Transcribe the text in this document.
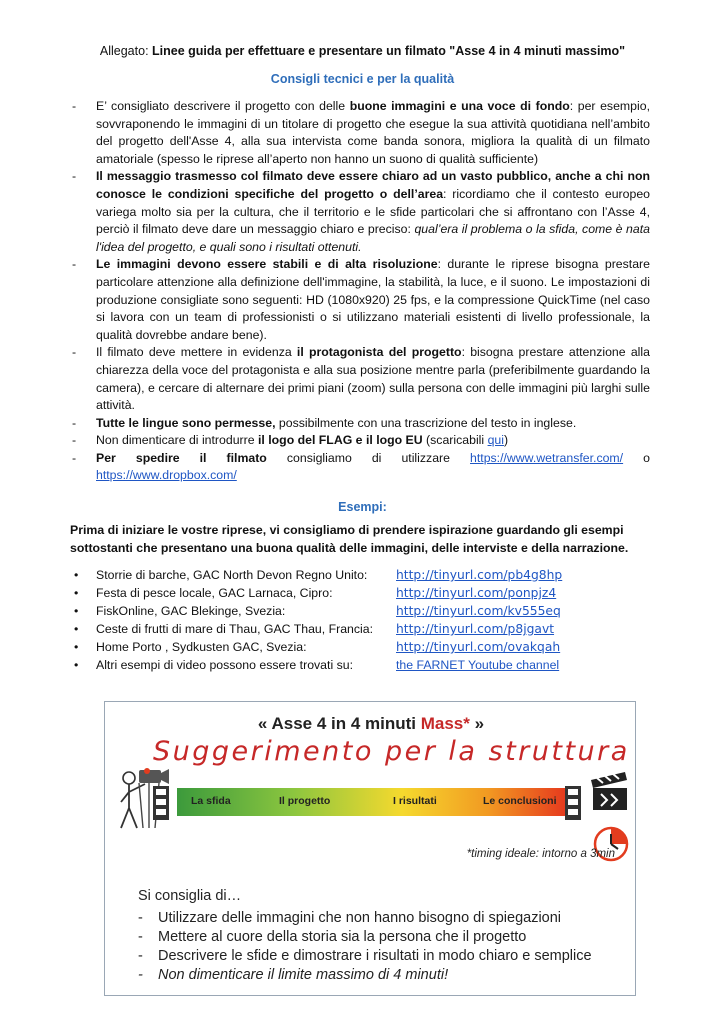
Allegato: Linee guida per effettuare e presentare un filmato "Asse 4 in 4 minuti massimo"
Consigli tecnici e per la qualità
- E’ consigliato descrivere il progetto con delle buone immagini e una voce di fondo: per esempio, sovvraponendo le immagini di un titolare di progetto che esegue la sua attività quotidiana nell’ambito del progetto dell'Asse 4, alla sua intervista come banda sonora, migliora la qualità di un filmato amatoriale (spesso le riprese all’aperto non hanno un suono di qualità sufficiente)
- Il messaggio trasmesso col filmato deve essere chiaro ad un vasto pubblico, anche a chi non conosce le condizioni specifiche del progetto o dell’area: ricordiamo che il contesto europeo variega molto sia per la cultura, che il territorio e le sfide particolari che si affrontano con l’Asse 4, perciò il filmato deve dare un messaggio chiaro e preciso: qual’era il problema o la sfida, come è nata l'idea del progetto, e quali sono i risultati ottenuti.
- Le immagini devono essere stabili e di alta risoluzione: durante le riprese bisogna prestare particolare attenzione alla definizione dell'immagine, la stabilità, la luce, e il suono. Le impostazioni di produzione consigliate sono seguenti: HD (1080x920) 25 fps, e la compressione QuickTime (nel caso si lavora con un team di professionisti o si utilizzano materiali esistenti di livello professionale, la qualità dovrebbe andare bene).
- Il filmato deve mettere in evidenza il protagonista del progetto: bisogna prestare attenzione alla chiarezza della voce del protagonista e alla sua posizione mentre parla (preferibilmente guardando la camera), e cercare di alternare dei primi piani (zoom) sulla persona con delle immagini più larghi sulle attività.
- Tutte le lingue sono permesse, possibilmente con una trascrizione del testo in inglese.
- Non dimenticare di introdurre il logo del FLAG e il logo EU (scaricabili qui)
- Per spedire il filmato consigliamo di utilizzare https://www.wetransfer.com/ o https://www.dropbox.com/
Esempi:
Prima di iniziare le vostre riprese, vi consigliamo di prendere ispirazione guardando gli esempi sottostanti che presentano una buona qualità delle immagini, delle interviste e della narrazione.
• Storrie di barche, GAC North Devon Regno Unito: http://tinyurl.com/pb4g8hp
• Festa di pesce locale, GAC Larnaca, Cipro:	http://tinyurl.com/ponpjz4
• FiskOnline, GAC Blekinge, Svezia:	http://tinyurl.com/kv555eq
• Ceste di frutti di mare di Thau, GAC Thau, Francia: http://tinyurl.com/p8jgavt
• Home Porto , Sydkusten GAC, Svezia:	http://tinyurl.com/ovakqah
• Altri esempi di video possono essere trovati su:	the FARNET Youtube channel
« Asse 4 in 4 minuti Mass* »
Suggerimento per la struttura
La sfida	Il progetto	I risultati	Le conclusioni
*timing ideale: intorno a 3min
Si consiglia di…
- Utilizzare delle immagini che non hanno bisogno di spiegazioni
- Mettere al cuore della storia sia la persona che il progetto
- Descrivere le sfide e dimostrare i risultati in modo chiaro e semplice
- Non dimenticare il limite massimo di 4 minuti!
